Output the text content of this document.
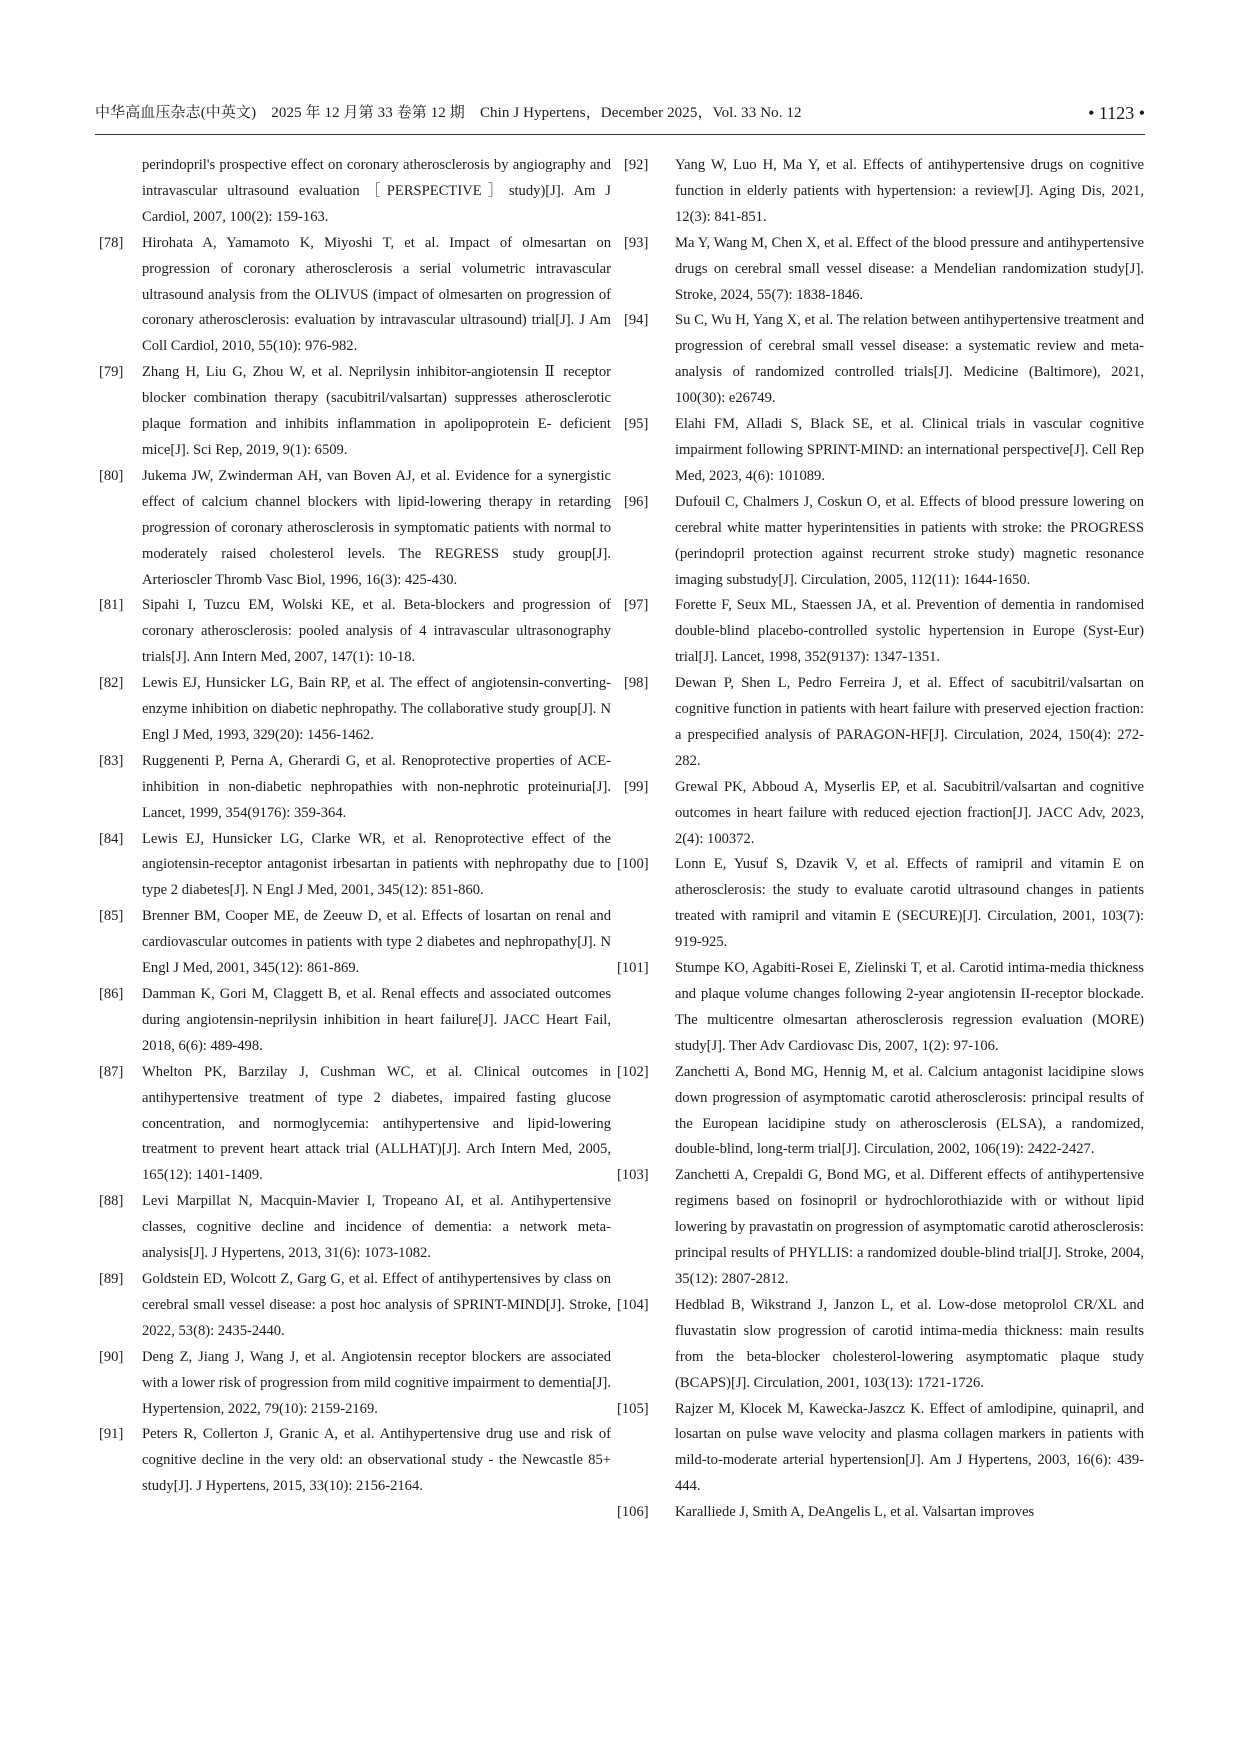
中华高血压杂志(中英文)　2025 年 12 月第 33 卷第 12 期　Chin J Hypertens，December 2025，Vol. 33 No. 12	• 1123 •

perindopril's prospective effect on coronary atherosclerosis by angiography and intravascular ultrasound evaluation［PERSPECTIVE］study)[J]. Am J Cardiol, 2007, 100(2): 159-163.

[78]	Hirohata A, Yamamoto K, Miyoshi T, et al. Impact of olmesartan on progression of coronary atherosclerosis a serial volumetric intravascular ultrasound analysis from the OLIVUS (impact of olmesarten on progression of coronary atherosclerosis: evaluation by intravascular ultrasound) trial[J]. J Am Coll Cardiol, 2010, 55(10): 976-982.

[79]	Zhang H, Liu G, Zhou W, et al. Neprilysin inhibitor-angiotensin Ⅱ receptor blocker combination therapy (sacubitril/valsartan) suppresses atherosclerotic plaque formation and inhibits inflammation in apolipoprotein E- deficient mice[J]. Sci Rep, 2019, 9(1): 6509.

[80]	Jukema JW, Zwinderman AH, van Boven AJ, et al. Evidence for a synergistic effect of calcium channel blockers with lipid-lowering therapy in retarding progression of coronary atherosclerosis in symptomatic patients with normal to moderately raised cholesterol levels. The REGRESS study group[J]. Arterioscler Thromb Vasc Biol, 1996, 16(3): 425-430.

[81]	Sipahi I, Tuzcu EM, Wolski KE, et al. Beta-blockers and progression of coronary atherosclerosis: pooled analysis of 4 intravascular ultrasonography trials[J]. Ann Intern Med, 2007, 147(1): 10-18.

[82]	Lewis EJ, Hunsicker LG, Bain RP, et al. The effect of angiotensin-converting-enzyme inhibition on diabetic nephropathy. The collaborative study group[J]. N Engl J Med, 1993, 329(20): 1456-1462.

[83]	Ruggenenti P, Perna A, Gherardi G, et al. Renoprotective properties of ACE-inhibition in non-diabetic nephropathies with non-nephrotic proteinuria[J]. Lancet, 1999, 354(9176): 359-364.

[84]	Lewis EJ, Hunsicker LG, Clarke WR, et al. Renoprotective effect of the angiotensin-receptor antagonist irbesartan in patients with nephropathy due to type 2 diabetes[J]. N Engl J Med, 2001, 345(12): 851-860.

[85]	Brenner BM, Cooper ME, de Zeeuw D, et al. Effects of losartan on renal and cardiovascular outcomes in patients with type 2 diabetes and nephropathy[J]. N Engl J Med, 2001, 345(12): 861-869.

[86]	Damman K, Gori M, Claggett B, et al. Renal effects and associated outcomes during angiotensin-neprilysin inhibition in heart failure[J]. JACC Heart Fail, 2018, 6(6): 489-498.

[87]	Whelton PK, Barzilay J, Cushman WC, et al. Clinical outcomes in antihypertensive treatment of type 2 diabetes, impaired fasting glucose concentration, and normoglycemia: antihypertensive and lipid-lowering treatment to prevent heart attack trial (ALLHAT)[J]. Arch Intern Med, 2005, 165(12): 1401-1409.

[88]	Levi Marpillat N, Macquin-Mavier I, Tropeano AI, et al. Antihypertensive classes, cognitive decline and incidence of dementia: a network meta-analysis[J]. J Hypertens, 2013, 31(6): 1073-1082.

[89]	Goldstein ED, Wolcott Z, Garg G, et al. Effect of antihypertensives by class on cerebral small vessel disease: a post hoc analysis of SPRINT-MIND[J]. Stroke, 2022, 53(8): 2435-2440.

[90]	Deng Z, Jiang J, Wang J, et al. Angiotensin receptor blockers are associated with a lower risk of progression from mild cognitive impairment to dementia[J]. Hypertension, 2022, 79(10): 2159-2169.

[91]	Peters R, Collerton J, Granic A, et al. Antihypertensive drug use and risk of cognitive decline in the very old: an observational study - the Newcastle 85+ study[J]. J Hypertens, 2015, 33(10): 2156-2164.

[92]	Yang W, Luo H, Ma Y, et al. Effects of antihypertensive drugs on cognitive function in elderly patients with hypertension: a review[J]. Aging Dis, 2021, 12(3): 841-851.

[93]	Ma Y, Wang M, Chen X, et al. Effect of the blood pressure and antihypertensive drugs on cerebral small vessel disease: a Mendelian randomization study[J]. Stroke, 2024, 55(7): 1838-1846.

[94]	Su C, Wu H, Yang X, et al. The relation between antihypertensive treatment and progression of cerebral small vessel disease: a systematic review and meta-analysis of randomized controlled trials[J]. Medicine (Baltimore), 2021, 100(30): e26749.

[95]	Elahi FM, Alladi S, Black SE, et al. Clinical trials in vascular cognitive impairment following SPRINT-MIND: an international perspective[J]. Cell Rep Med, 2023, 4(6): 101089.

[96]	Dufouil C, Chalmers J, Coskun O, et al. Effects of blood pressure lowering on cerebral white matter hyperintensities in patients with stroke: the PROGRESS (perindopril protection against recurrent stroke study) magnetic resonance imaging substudy[J]. Circulation, 2005, 112(11): 1644-1650.

[97]	Forette F, Seux ML, Staessen JA, et al. Prevention of dementia in randomised double-blind placebo-controlled systolic hypertension in Europe (Syst-Eur) trial[J]. Lancet, 1998, 352(9137): 1347-1351.

[98]	Dewan P, Shen L, Pedro Ferreira J, et al. Effect of sacubitril/valsartan on cognitive function in patients with heart failure with preserved ejection fraction: a prespecified analysis of PARAGON-HF[J]. Circulation, 2024, 150(4): 272-282.

[99]	Grewal PK, Abboud A, Myserlis EP, et al. Sacubitril/valsartan and cognitive outcomes in heart failure with reduced ejection fraction[J]. JACC Adv, 2023, 2(4): 100372.

[100]	Lonn E, Yusuf S, Dzavik V, et al. Effects of ramipril and vitamin E on atherosclerosis: the study to evaluate carotid ultrasound changes in patients treated with ramipril and vitamin E (SECURE)[J]. Circulation, 2001, 103(7): 919-925.

[101]	Stumpe KO, Agabiti-Rosei E, Zielinski T, et al. Carotid intima-media thickness and plaque volume changes following 2-year angiotensin II-receptor blockade. The multicentre olmesartan atherosclerosis regression evaluation (MORE) study[J]. Ther Adv Cardiovasc Dis, 2007, 1(2): 97-106.

[102]	Zanchetti A, Bond MG, Hennig M, et al. Calcium antagonist lacidipine slows down progression of asymptomatic carotid atherosclerosis: principal results of the European lacidipine study on atherosclerosis (ELSA), a randomized, double-blind, long-term trial[J]. Circulation, 2002, 106(19): 2422-2427.

[103]	Zanchetti A, Crepaldi G, Bond MG, et al. Different effects of antihypertensive regimens based on fosinopril or hydrochlorothiazide with or without lipid lowering by pravastatin on progression of asymptomatic carotid atherosclerosis: principal results of PHYLLIS: a randomized double-blind trial[J]. Stroke, 2004, 35(12): 2807-2812.

[104]	Hedblad B, Wikstrand J, Janzon L, et al. Low-dose metoprolol CR/XL and fluvastatin slow progression of carotid intima-media thickness: main results from the beta-blocker cholesterol-lowering asymptomatic plaque study (BCAPS)[J]. Circulation, 2001, 103(13): 1721-1726.

[105]	Rajzer M, Klocek M, Kawecka-Jaszcz K. Effect of amlodipine, quinapril, and losartan on pulse wave velocity and plasma collagen markers in patients with mild-to-moderate arterial hypertension[J]. Am J Hypertens, 2003, 16(6): 439-444.

[106]	Karalliede J, Smith A, DeAngelis L, et al. Valsartan improves
